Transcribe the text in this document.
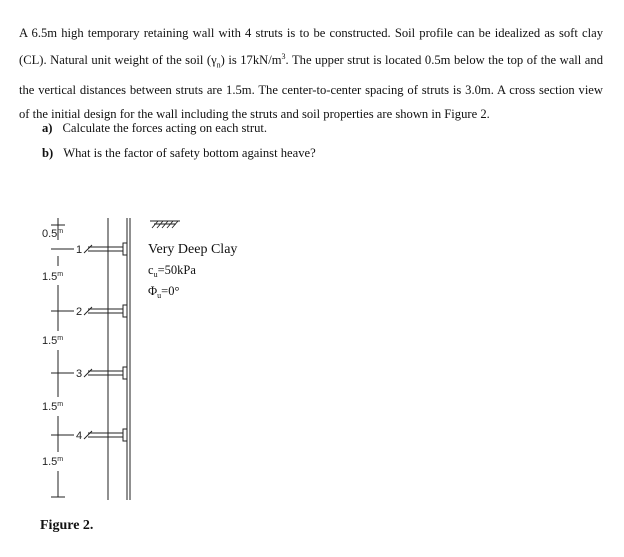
A 6.5m high temporary retaining wall with 4 struts is to be constructed. Soil profile can be idealized as soft clay (CL). Natural unit weight of the soil $(\gamma_n)$ is $17kN/m^3$. The upper strut is located 0.5m below the top of the wall and the vertical distances between struts are 1.5m. The center-to-center spacing of struts is 3.0m. A cross section view of the initial design for the wall including the struts and soil properties are shown in Figure 2.

a) Calculate the forces acting on each strut.
b) What is the factor of safety bottom against heave?
0.5$^m$
1.5$^m$
1.5$^m$
1.5$^m$
1.5$^m$
1
2
3
4
Very Deep Clay
$c_u=50kPa$
$\Phi_u=0^\circ$
Figure 2.
